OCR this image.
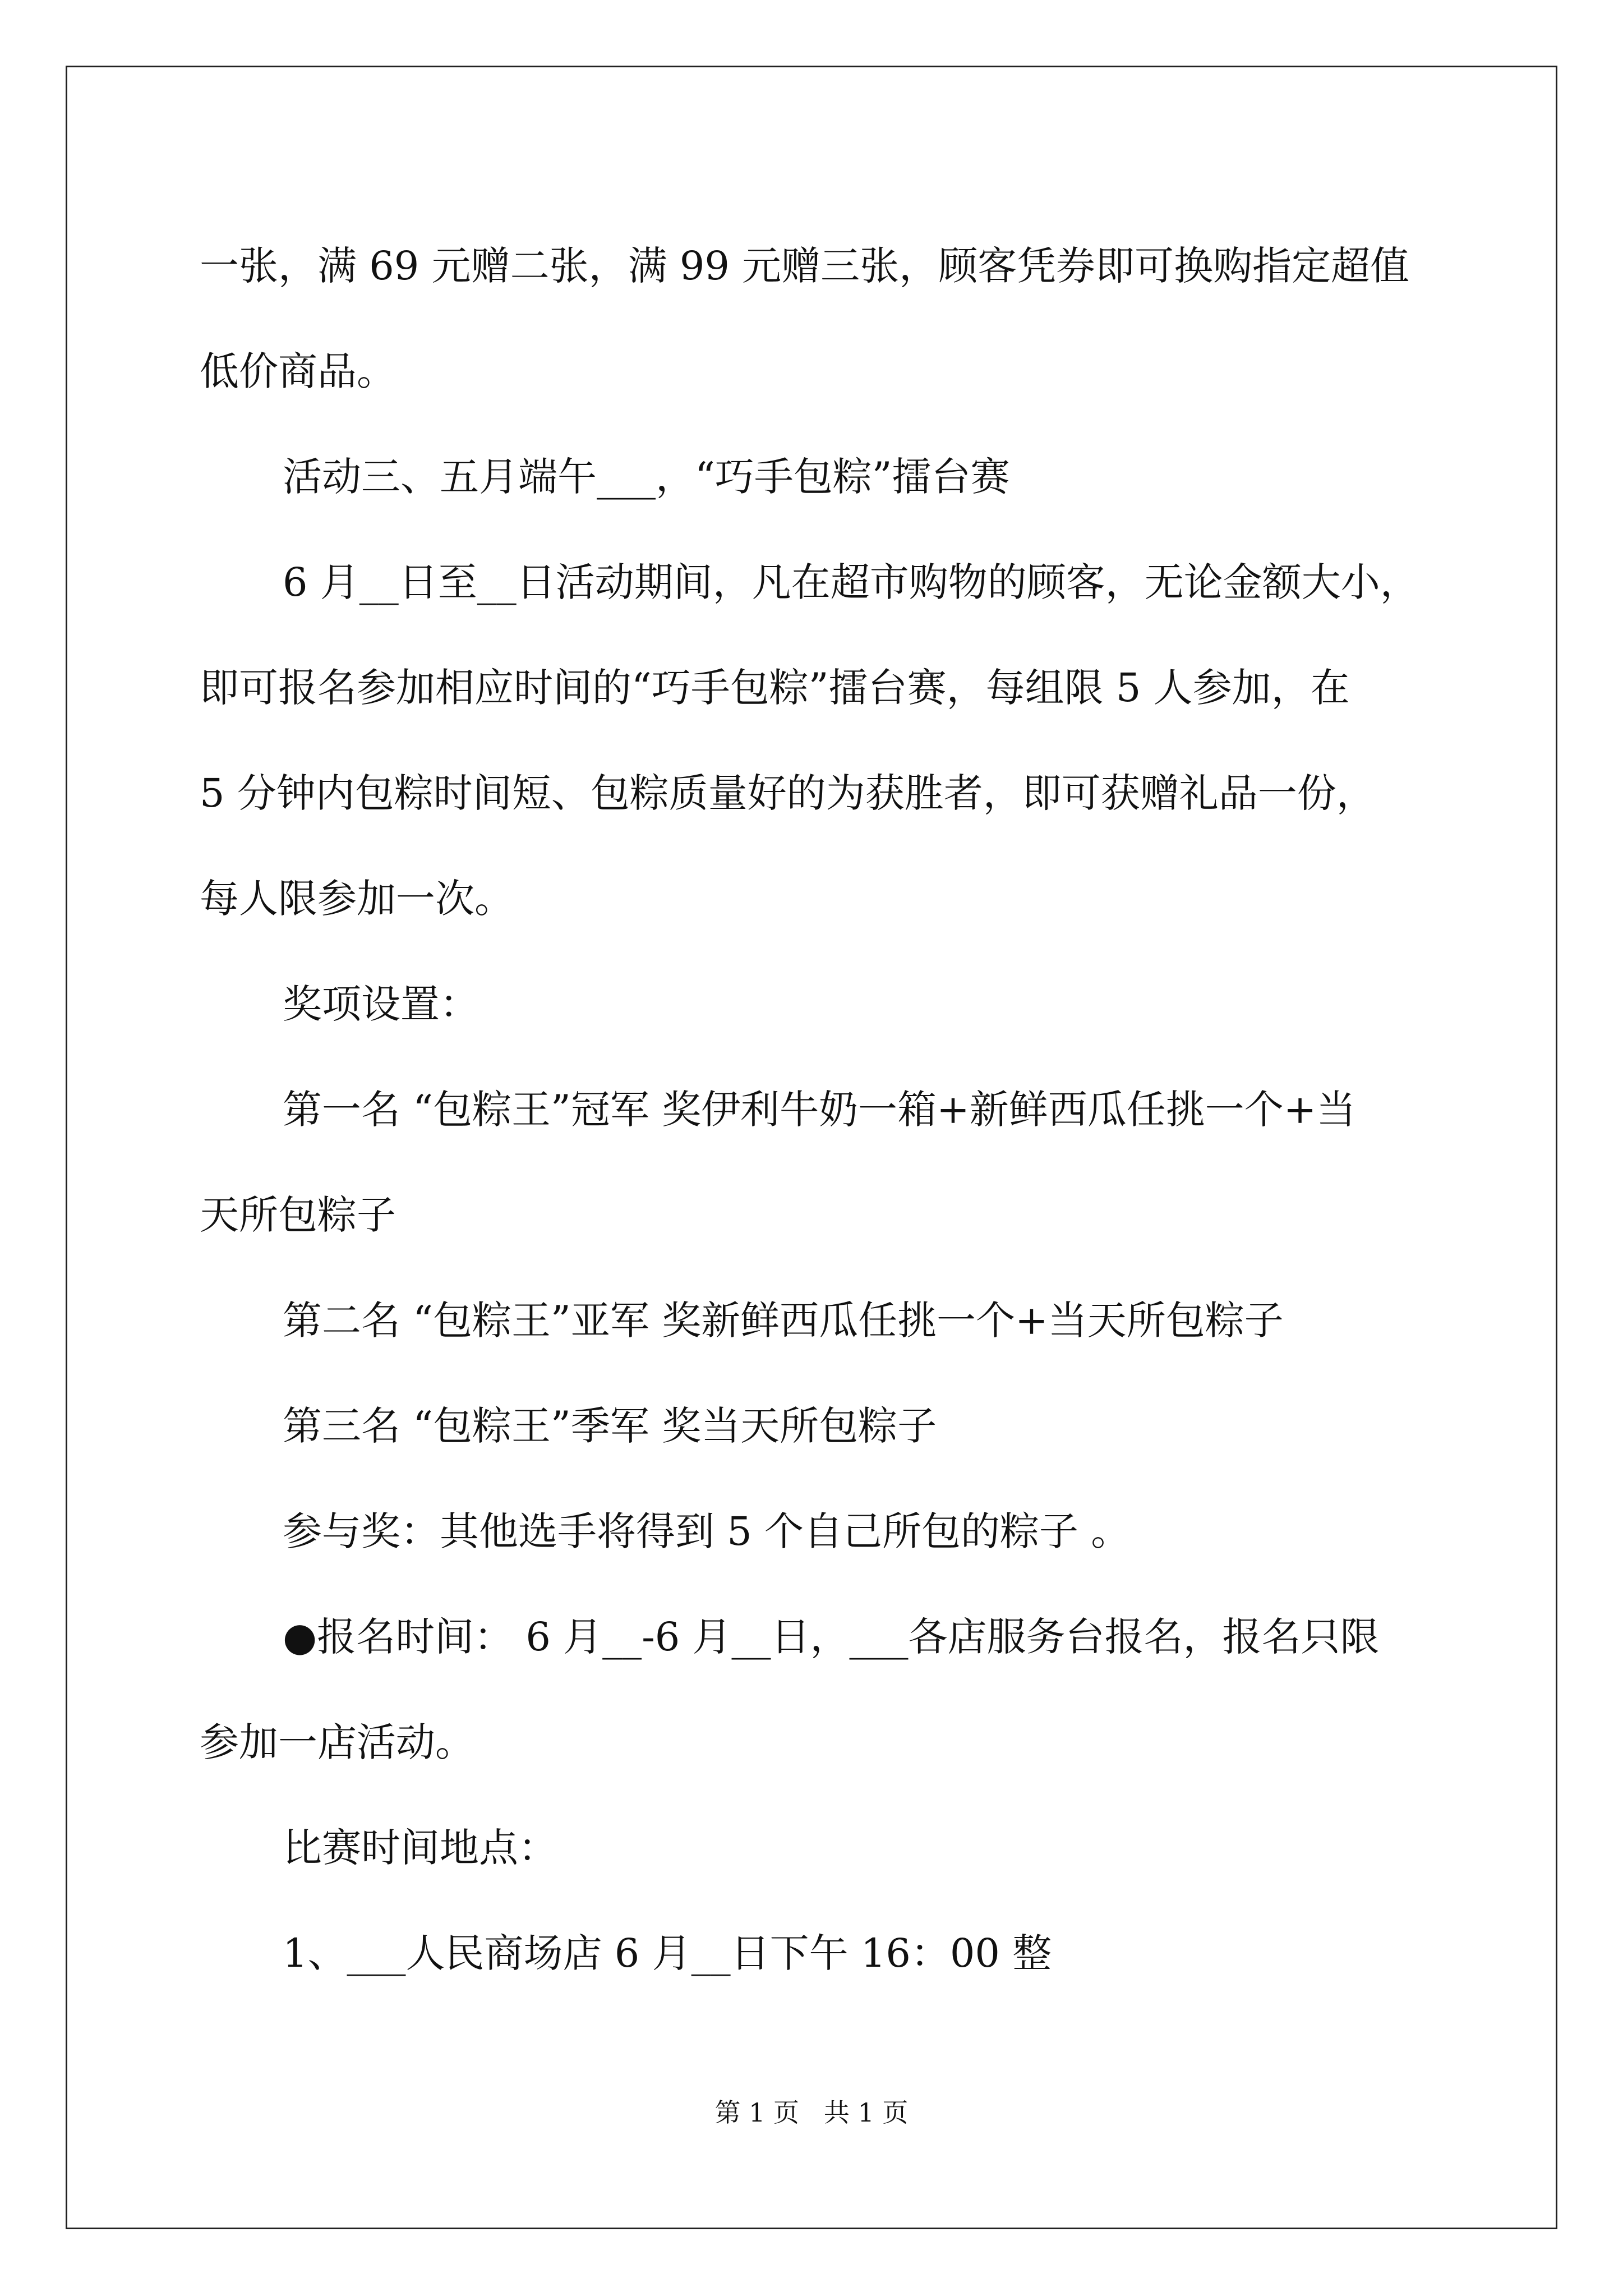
一张，满 69 元赠二张，满 99 元赠三张，顾客凭券即可换购指定超值

低价商品。

活动三、五月端午___，“巧手包粽”擂台赛

6 月__日至__日活动期间，凡在超市购物的顾客，无论金额大小，

即可报名参加相应时间的“巧手包粽”擂台赛，每组限 5 人参加，在

5 分钟内包粽时间短、包粽质量好的为获胜者，即可获赠礼品一份，

每人限参加一次。

奖项设置：

第一名 “包粽王”冠军 奖伊利牛奶一箱+新鲜西瓜任挑一个+当

天所包粽子

第二名 “包粽王”亚军 奖新鲜西瓜任挑一个+当天所包粽子

第三名 “包粽王”季军 奖当天所包粽子

参与奖：其他选手将得到 5 个自己所包的粽子 。

●报名时间： 6 月__-6 月__日，___各店服务台报名，报名只限

参加一店活动。

比赛时间地点：

1、___人民商场店 6 月__日下午 16：00 整

第 1 页   共 1 页
